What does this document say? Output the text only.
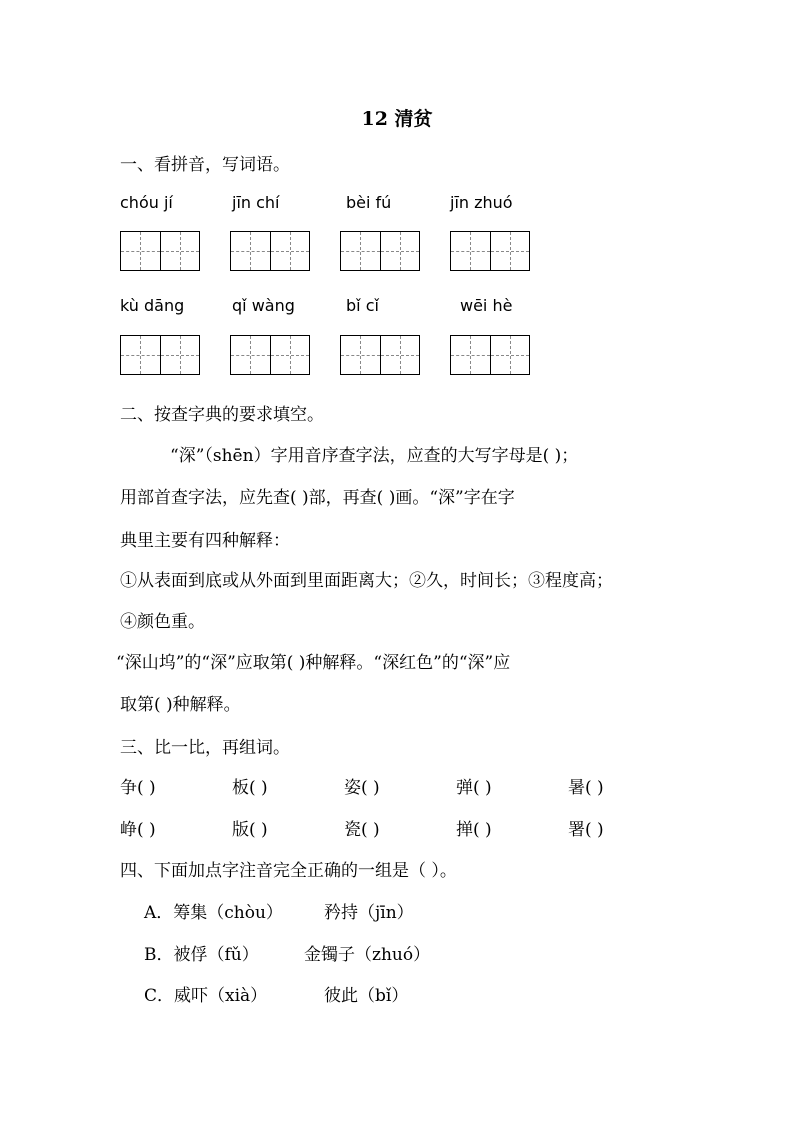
12 清贫
一、看拼音，写词语。
chóu jí	jīn chí	bèi fú	jīn zhuó
kù dāng	qǐ wàng	bǐ cǐ	wēi hè
二、按查字典的要求填空。
“深”（shēn）字用音序查字法，应查的大写字母是( )；
用部首查字法，应先查( )部，再查( )画。“深”字在字
典里主要有四种解释：
①从表面到底或从外面到里面距离大；②久，时间长；③程度高；
④颜色重。
“深山坞”的“深”应取第( )种解释。“深红色”的“深”应
取第( )种解释。
三、比一比，再组词。
争( )	板( )	姿( )	弹( )	暑( )
峥( )	版( )	瓷( )	掸( )	署( )
四、下面加点字注音完全正确的一组是（ ）。
A．筹集（chòu） 矜持（jīn）
B．被俘（fǔ）	金镯子（zhuó）
C．威吓（xià）	彼此（bǐ）
